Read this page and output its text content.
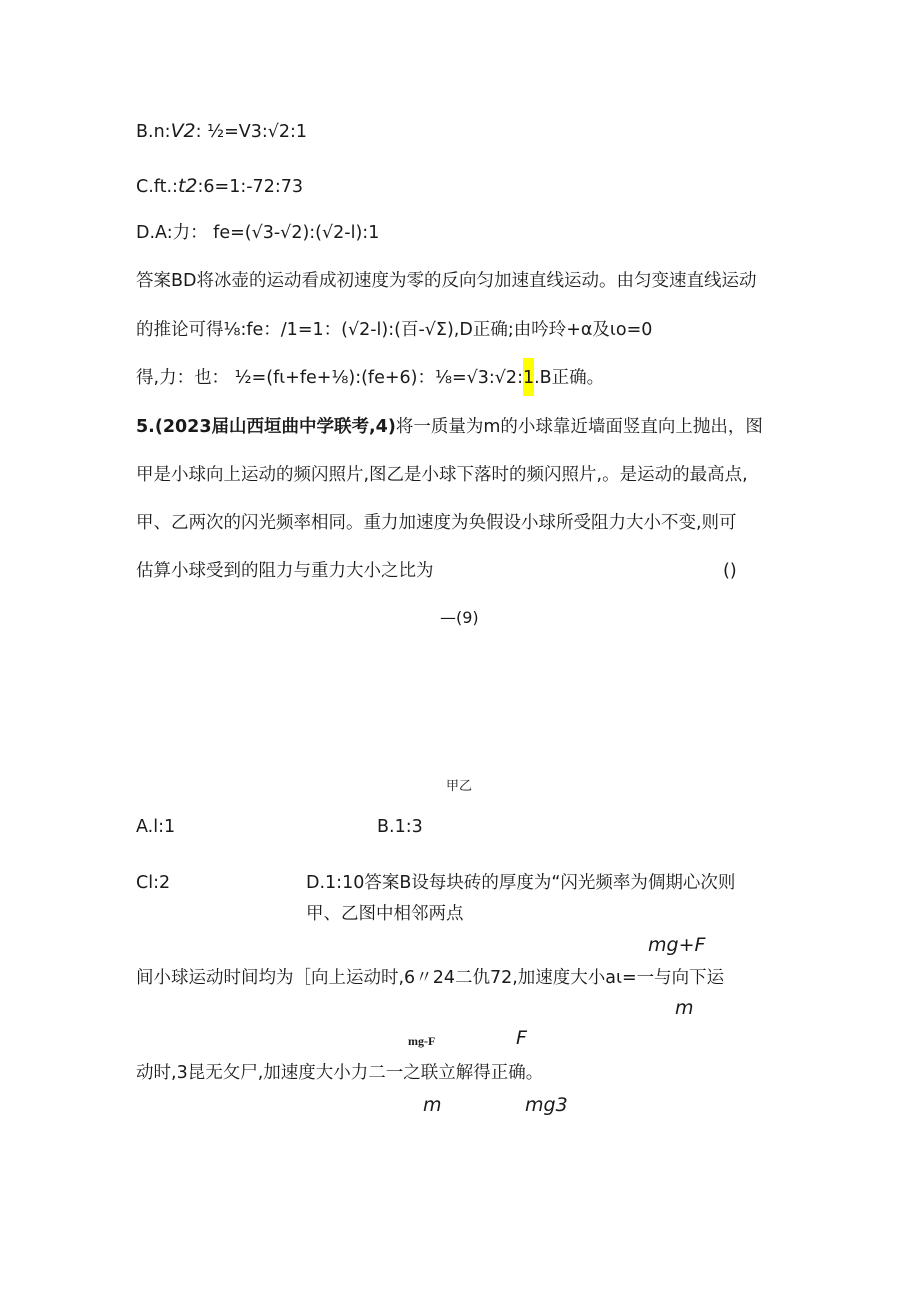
B.n:V2: ½=V3:√2:1
C.ft.:t2:6=1:-72:73
D.A:力： fe=(√3-√2):(√2-l):1
答案BD将冰壶的运动看成初速度为零的反向匀加速直线运动。由匀变速直线运动
的推论可得⅛:fe：/1=1：(√2-l):(百-√Σ),D正确;由吟玲+α及ιo=0
得,力：也： ½=(fι+fe+⅛):(fe+6)：⅛=√3:√2:1.B正确。
5.(2023届山西垣曲中学联考,4)将一质量为m的小球靠近墙面竖直向上抛出，图
甲是小球向上运动的频闪照片,图乙是小球下落时的频闪照片,。是运动的最高点,
甲、乙两次的闪光频率相同。重力加速度为奂假设小球所受阻力大小不变,则可
估算小球受到的阻力与重力大小之比为	()
—(9)
甲乙
A.l:1	B.1:3
Cl:2	D.1:10答案B设每块砖的厚度为“闪光频率为倜期心次则
甲、乙图中相邻两点
mg+F
间小球运动时间均为［向上运动时,6〃24二仇72,加速度大小aι=一与向下运
m
mg-F	F
动时,3昆无攵尸,加速度大小力二一之联立解得正确。
m	mg3
